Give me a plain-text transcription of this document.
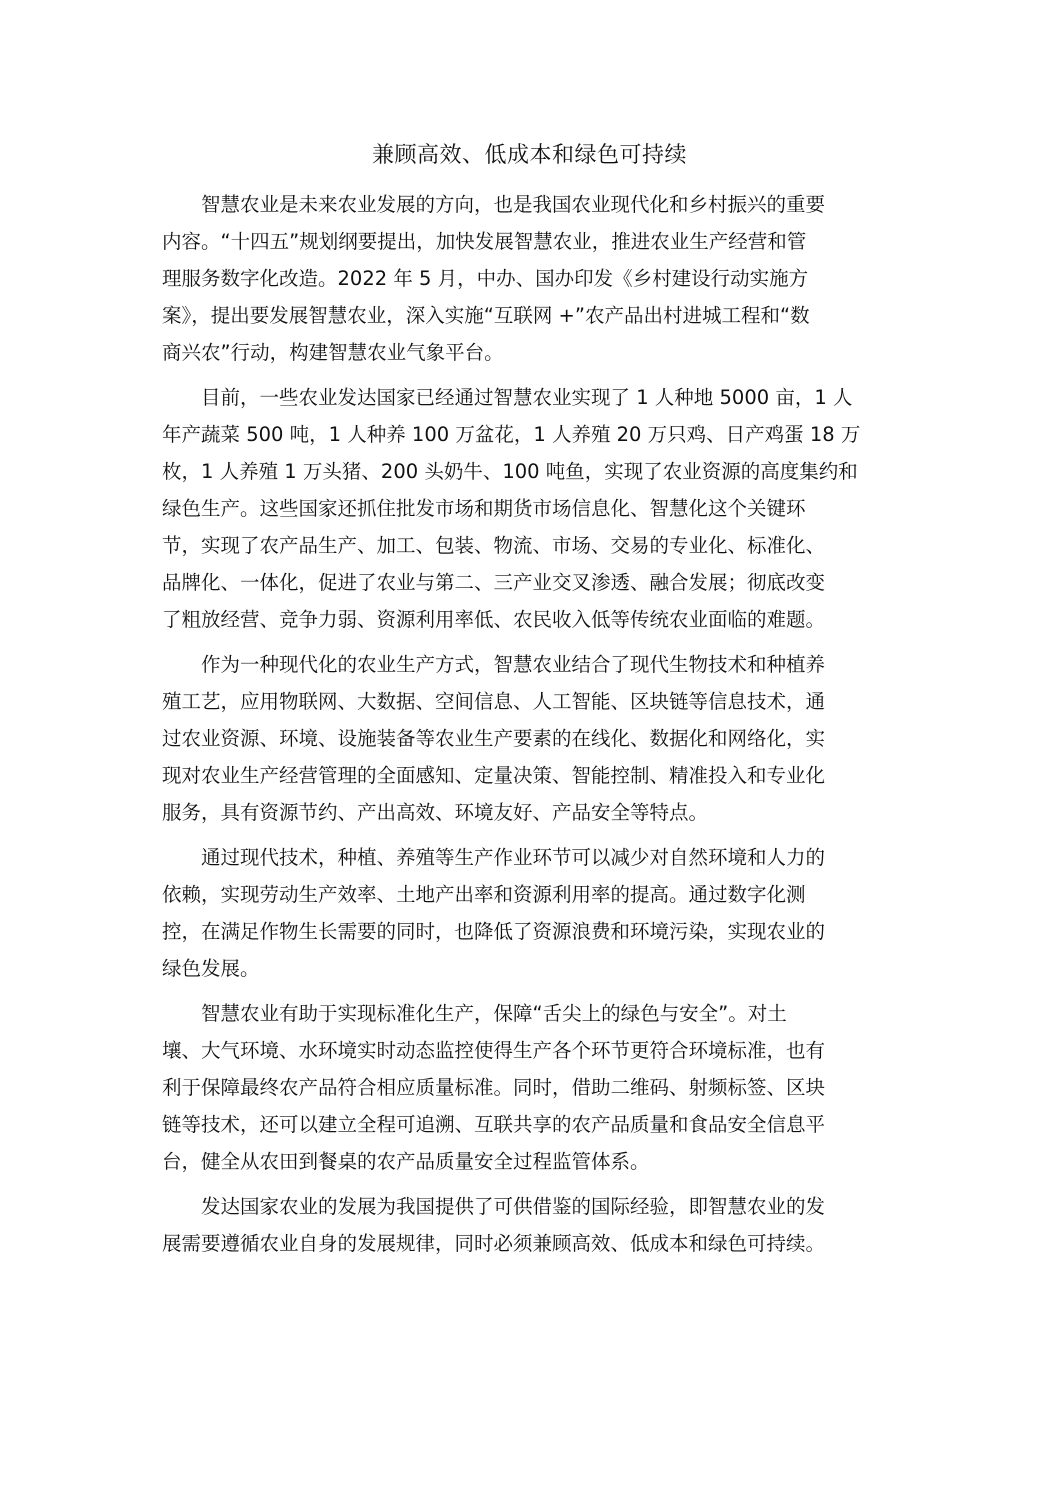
兼顾高效、低成本和绿色可持续
智慧农业是未来农业发展的方向，也是我国农业现代化和乡村振兴的重要
内容。“十四五”规划纲要提出，加快发展智慧农业，推进农业生产经营和管
理服务数字化改造。2022 年 5 月，中办、国办印发《乡村建设行动实施方
案》，提出要发展智慧农业，深入实施“互联网 +”农产品出村进城工程和“数
商兴农”行动，构建智慧农业气象平台。
目前，一些农业发达国家已经通过智慧农业实现了 1 人种地 5000 亩，1 人
年产蔬菜 500 吨，1 人种养 100 万盆花，1 人养殖 20 万只鸡、日产鸡蛋 18 万
枚，1 人养殖 1 万头猪、200 头奶牛、100 吨鱼，实现了农业资源的高度集约和
绿色生产。这些国家还抓住批发市场和期货市场信息化、智慧化这个关键环
节，实现了农产品生产、加工、包装、物流、市场、交易的专业化、标准化、
品牌化、一体化，促进了农业与第二、三产业交叉渗透、融合发展；彻底改变
了粗放经营、竞争力弱、资源利用率低、农民收入低等传统农业面临的难题。
作为一种现代化的农业生产方式，智慧农业结合了现代生物技术和种植养
殖工艺，应用物联网、大数据、空间信息、人工智能、区块链等信息技术，通
过农业资源、环境、设施装备等农业生产要素的在线化、数据化和网络化，实
现对农业生产经营管理的全面感知、定量决策、智能控制、精准投入和专业化
服务，具有资源节约、产出高效、环境友好、产品安全等特点。
通过现代技术，种植、养殖等生产作业环节可以减少对自然环境和人力的
依赖，实现劳动生产效率、土地产出率和资源利用率的提高。通过数字化测
控，在满足作物生长需要的同时，也降低了资源浪费和环境污染，实现农业的
绿色发展。
智慧农业有助于实现标准化生产，保障“舌尖上的绿色与安全”。对土
壤、大气环境、水环境实时动态监控使得生产各个环节更符合环境标准，也有
利于保障最终农产品符合相应质量标准。同时，借助二维码、射频标签、区块
链等技术，还可以建立全程可追溯、互联共享的农产品质量和食品安全信息平
台，健全从农田到餐桌的农产品质量安全过程监管体系。
发达国家农业的发展为我国提供了可供借鉴的国际经验，即智慧农业的发
展需要遵循农业自身的发展规律，同时必须兼顾高效、低成本和绿色可持续。
